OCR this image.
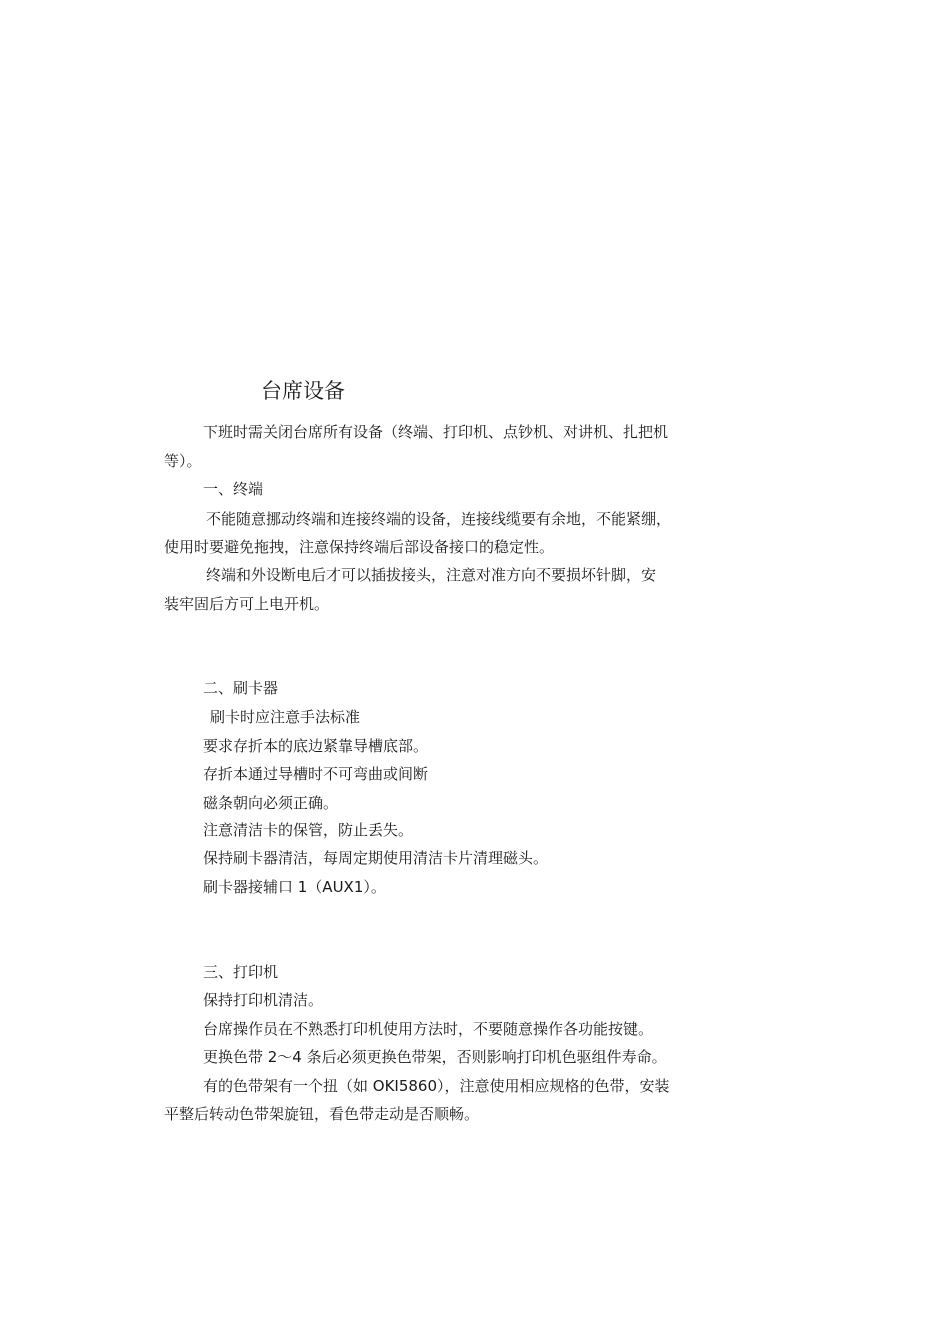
台席设备
下班时需关闭台席所有设备（终端、打印机、点钞机、对讲机、扎把机
等）。
一、终端
不能随意挪动终端和连接终端的设备，连接线缆要有余地，不能紧绷，
使用时要避免拖拽，注意保持终端后部设备接口的稳定性。
终端和外设断电后才可以插拔接头，注意对准方向不要损坏针脚，安
装牢固后方可上电开机。
二、刷卡器
刷卡时应注意手法标准
要求存折本的底边紧靠导槽底部。
存折本通过导槽时不可弯曲或间断
磁条朝向必须正确。
注意清洁卡的保管，防止丢失。
保持刷卡器清洁，每周定期使用清洁卡片清理磁头。
刷卡器接辅口 1（AUX1）。
三、打印机
保持打印机清洁。
台席操作员在不熟悉打印机使用方法时，不要随意操作各功能按键。
更换色带 2～4 条后必须更换色带架，否则影响打印机色驱组件寿命。
有的色带架有一个扭（如 OKI5860），注意使用相应规格的色带，安装
平整后转动色带架旋钮，看色带走动是否顺畅。
